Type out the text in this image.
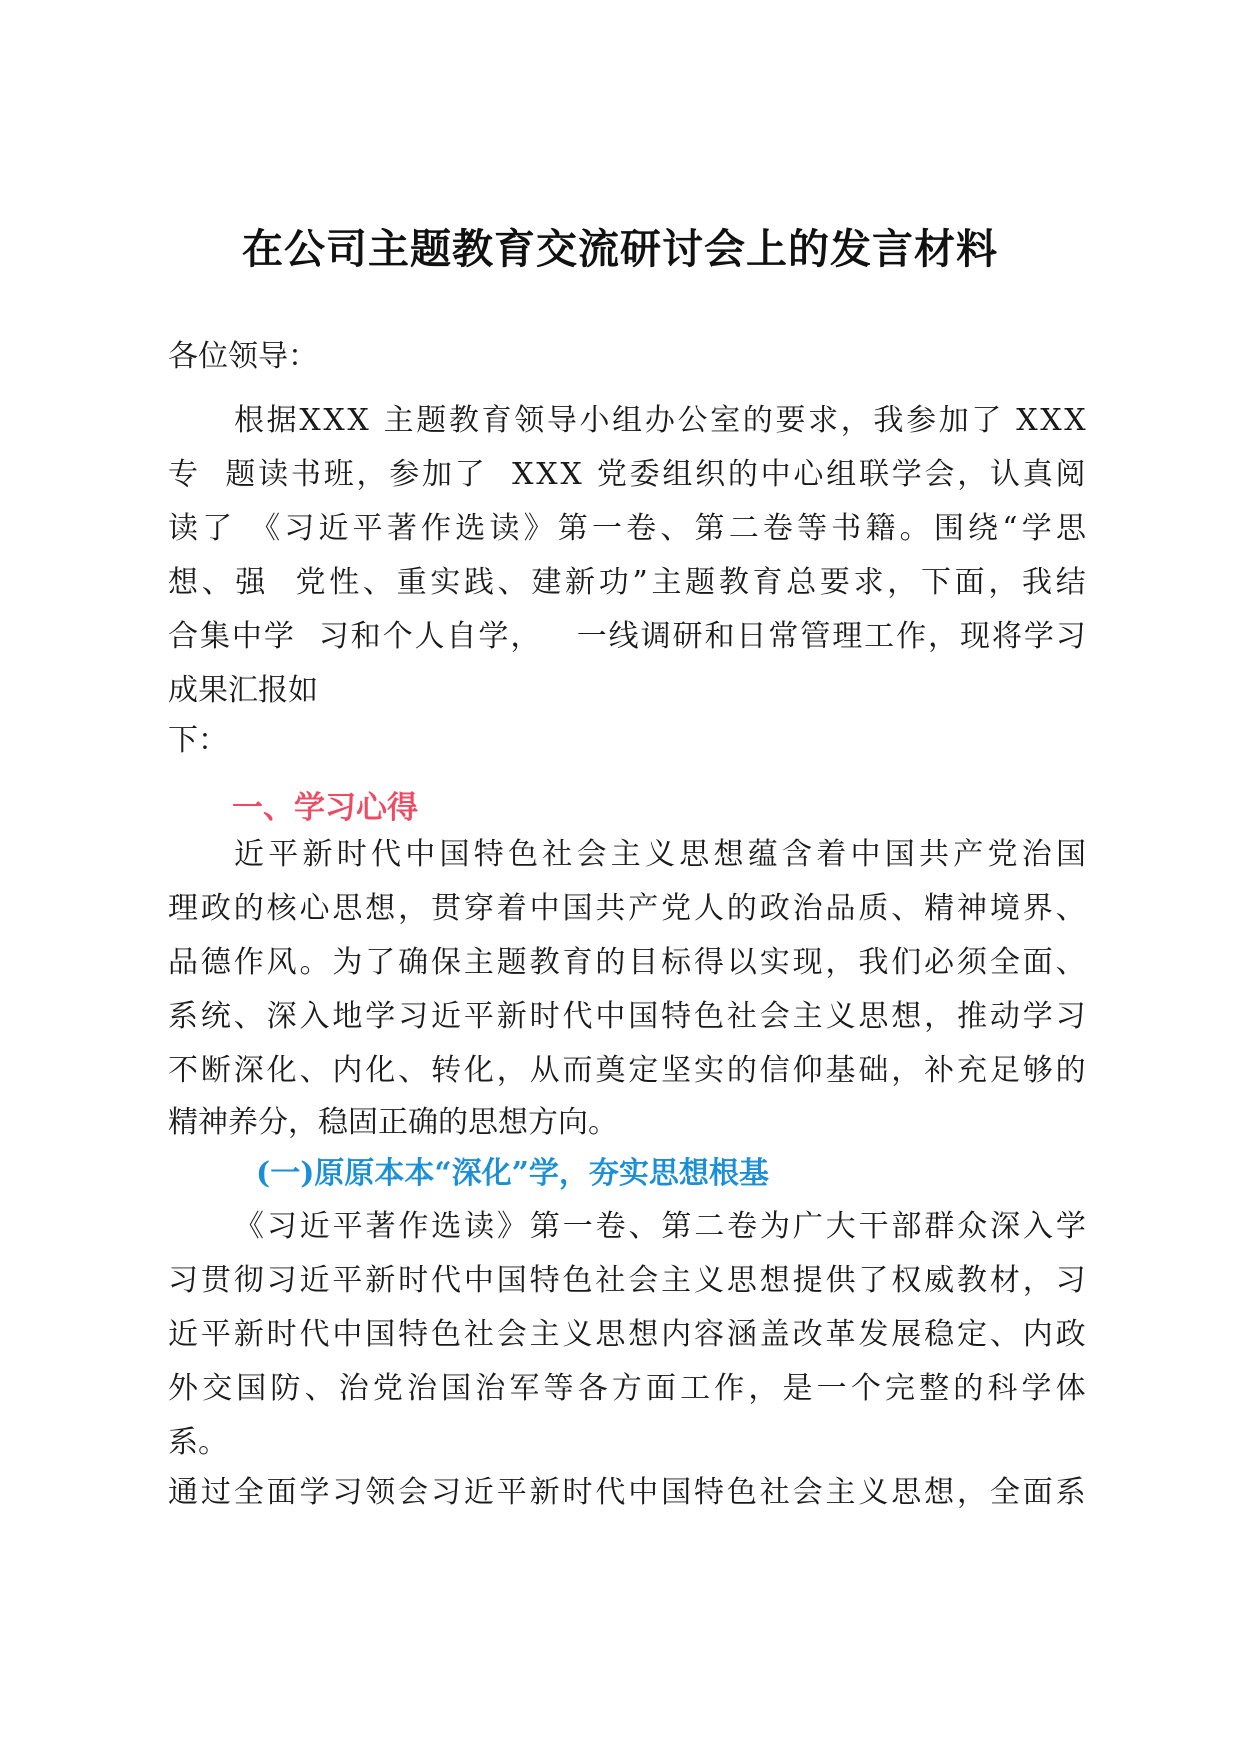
在公司主题教育交流研讨会上的发言材料
各位领导：
根 据 X X X
主 题 教 育 领 导 小 组 办 公 室 的 要 求 ， 我 参 加 了
X X X
专

题 读 书 班 ， 参 加 了

X X X
党 委 组 织 的 中 心 组 联 学 会 ， 认 真 阅
读 了
《 习 近 平 著 作 选 读 》 第 一 卷 、 第 二 卷 等 书 籍 。 围 绕 “ 学 思
想 、 强

党 性 、 重 实 践 、 建 新 功 ” 主 题 教 育 总 要 求 ， 下 面 ， 我 结
合 集 中 学

习 和 个 人 自 学 ，

一 线 调 研 和 日 常 管 理 工 作 ， 现 将 学 习
成果汇报如
下：
一、学习心得
近 平 新 时 代 中 国 特 色 社 会 主 义 思 想 蕴 含 着 中 国 共 产 党 治 国
理 政 的 核 心 思 想 ， 贯 穿 着 中 国 共 产 党 人 的 政 治 品 质 、 精 神 境 界 、
品 德 作 风 。 为 了 确 保 主 题 教 育 的 目 标 得 以 实 现 ， 我 们 必 须 全 面 、
系 统 、 深 入 地 学 习 近 平 新 时 代 中 国 特 色 社 会 主 义 思 想 ， 推 动 学 习
不 断 深 化 、 内 化 、 转 化 ， 从 而 奠 定 坚 实 的 信 仰 基 础 ， 补 充 足 够 的
精神养分，稳固正确的思想方向。
(一)原原本本“深化”学，夯实思想根基
《 习 近 平 著 作 选 读 》 第 一 卷 、 第 二 卷 为 广 大 干 部 群 众 深 入 学
习 贯 彻 习 近 平 新 时 代 中 国 特 色 社 会 主 义 思 想 提 供 了 权 威 教 材 ， 习
近 平 新 时 代 中 国 特 色 社 会 主 义 思 想 内 容 涵 盖 改 革 发 展 稳 定 、 内 政
外 交 国 防 、 治 党 治 国 治 军 等 各 方 面 工 作 ， 是 一 个 完 整 的 科 学 体
系。
通 过 全 面 学 习 领 会 习 近 平 新 时 代 中 国 特 色 社 会 主 义 思 想 ， 全 面 系
